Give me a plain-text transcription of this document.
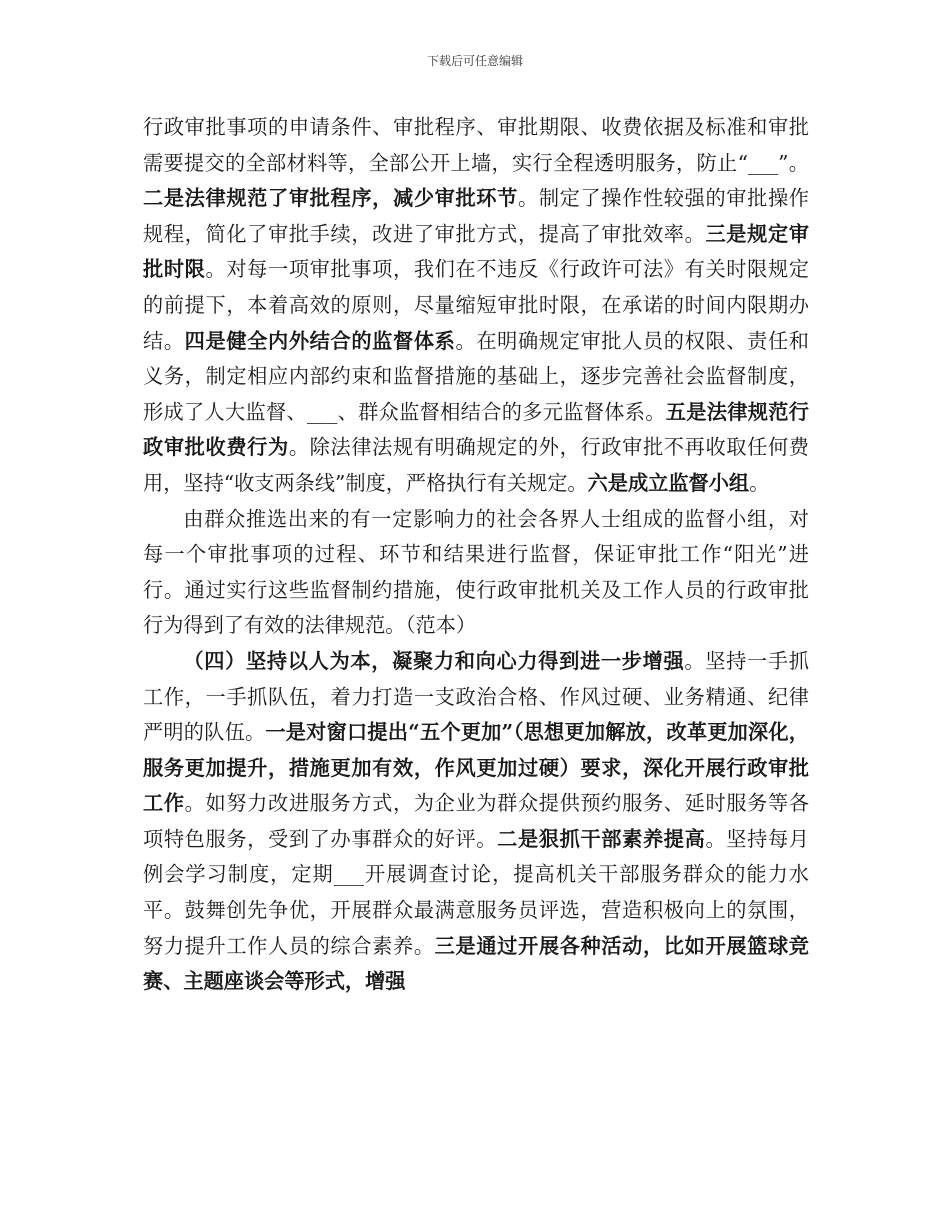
下载后可任意编辑

行政审批事项的申请条件、审批程序、审批期限、收费依据及标准和审批需要提交的全部材料等，全部公开上墙，实行全程透明服务，防止“___”。二是法律规范了审批程序，减少审批环节。制定了操作性较强的审批操作规程，简化了审批手续，改进了审批方式，提高了审批效率。三是规定审批时限。对每一项审批事项，我们在不违反《行政许可法》有关时限规定的前提下，本着高效的原则，尽量缩短审批时限，在承诺的时间内限期办结。四是健全内外结合的监督体系。在明确规定审批人员的权限、责任和义务，制定相应内部约束和监督措施的基础上，逐步完善社会监督制度，形成了人大监督、___、群众监督相结合的多元监督体系。五是法律规范行政审批收费行为。除法律法规有明确规定的外，行政审批不再收取任何费用，坚持“收支两条线”制度，严格执行有关规定。六是成立监督小组。

由群众推选出来的有一定影响力的社会各界人士组成的监督小组，对每一个审批事项的过程、环节和结果进行监督，保证审批工作“阳光”进行。通过实行这些监督制约措施，使行政审批机关及工作人员的行政审批行为得到了有效的法律规范。（范本）

（四）坚持以人为本，凝聚力和向心力得到进一步增强。坚持一手抓工作，一手抓队伍，着力打造一支政治合格、作风过硬、业务精通、纪律严明的队伍。一是对窗口提出“五个更加”（思想更加解放，改革更加深化，服务更加提升，措施更加有效，作风更加过硬）要求，深化开展行政审批工作。如努力改进服务方式，为企业为群众提供预约服务、延时服务等各项特色服务，受到了办事群众的好评。二是狠抓干部素养提高。坚持每月例会学习制度，定期___开展调查讨论，提高机关干部服务群众的能力水平。鼓舞创先争优，开展群众最满意服务员评选，营造积极向上的氛围，努力提升工作人员的综合素养。三是通过开展各种活动，比如开展篮球竞赛、主题座谈会等形式，增强
